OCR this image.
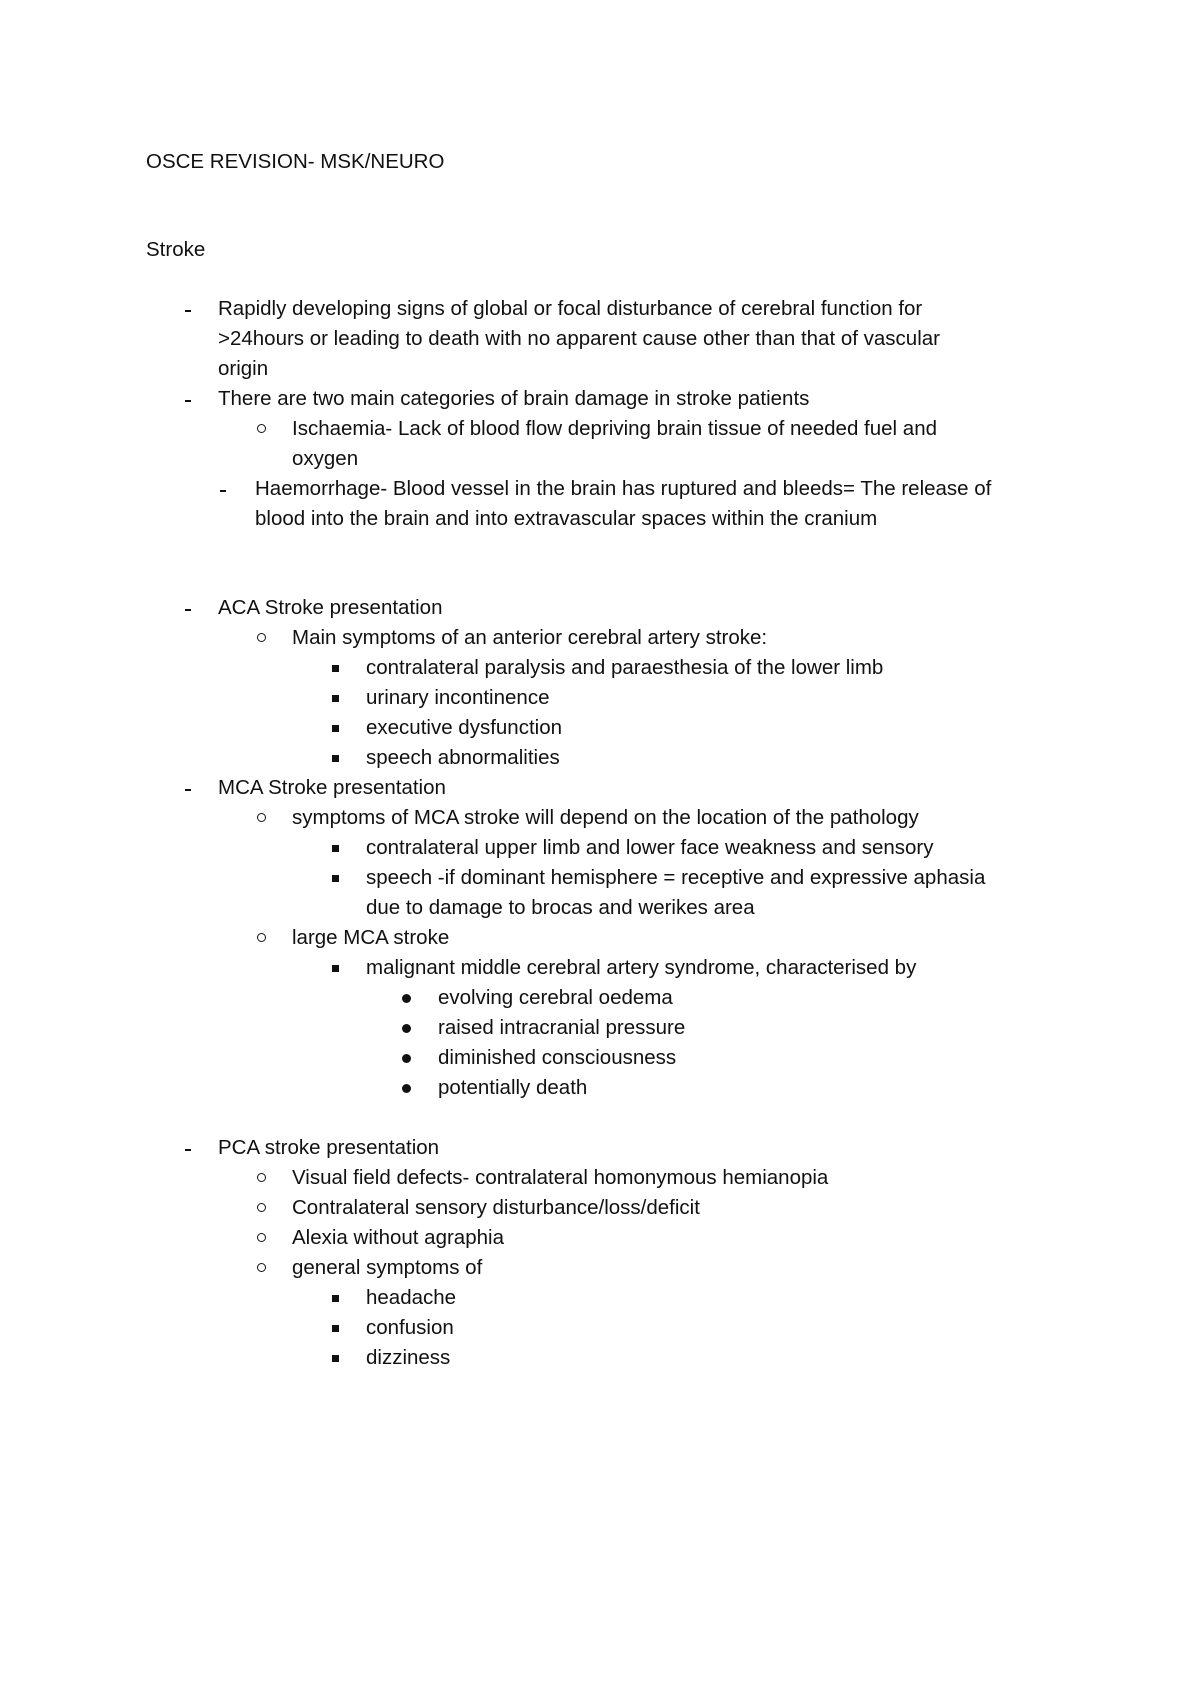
OSCE REVISION- MSK/NEURO
Stroke
Rapidly developing signs of global or focal disturbance of cerebral function for
>24hours or leading to death with no apparent cause other than that of vascular
origin
There are two main categories of brain damage in stroke patients
Ischaemia- Lack of blood flow depriving brain tissue of needed fuel and
oxygen
Haemorrhage- Blood vessel in the brain has ruptured and bleeds= The release of
blood into the brain and into extravascular spaces within the cranium
ACA Stroke presentation
Main symptoms of an anterior cerebral artery stroke:
contralateral paralysis and paraesthesia of the lower limb
urinary incontinence
executive dysfunction
speech abnormalities
MCA Stroke presentation
symptoms of MCA stroke will depend on the location of the pathology
contralateral upper limb and lower face weakness and sensory
speech -if dominant hemisphere = receptive and expressive aphasia
due to damage to brocas and werikes area
large MCA stroke
malignant middle cerebral artery syndrome, characterised by
evolving cerebral oedema
raised intracranial pressure
diminished consciousness
potentially death
PCA stroke presentation
Visual field defects- contralateral homonymous hemianopia
Contralateral sensory disturbance/loss/deficit
Alexia without agraphia
general symptoms of
headache
confusion
dizziness
